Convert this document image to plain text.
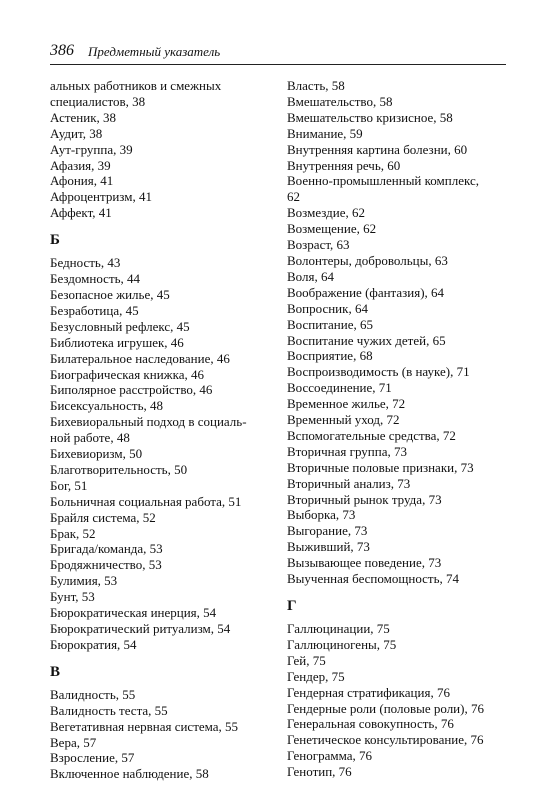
386 Предметный указатель
альных работников и смежных
специалистов, 38
Астеник, 38
Аудит, 38
Аут-группа, 39
Афазия, 39
Афония, 41
Афроцентризм, 41
Аффект, 41
Б
Бедность, 43
Бездомность, 44
Безопасное жилье, 45
Безработица, 45
Безусловный рефлекс, 45
Библиотека игрушек, 46
Билатеральное наследование, 46
Биографическая книжка, 46
Биполярное расстройство, 46
Бисексуальность, 48
Бихевиоральный подход в социаль-
ной работе, 48
Бихевиоризм, 50
Благотворительность, 50
Бог, 51
Больничная социальная работа, 51
Брайля система, 52
Брак, 52
Бригада/команда, 53
Бродяжничество, 53
Булимия, 53
Бунт, 53
Бюрократическая инерция, 54
Бюрократический ритуализм, 54
Бюрократия, 54
В
Валидность, 55
Валидность теста, 55
Вегетативная нервная система, 55
Вера, 57
Взросление, 57
Включенное наблюдение, 58
Власть, 58
Вмешательство, 58
Вмешательство кризисное, 58
Внимание, 59
Внутренняя картина болезни, 60
Внутренняя речь, 60
Военно-промышленный комплекс,
62
Возмездие, 62
Возмещение, 62
Возраст, 63
Волонтеры, добровольцы, 63
Воля, 64
Воображение (фантазия), 64
Вопросник, 64
Воспитание, 65
Воспитание чужих детей, 65
Восприятие, 68
Воспроизводимость (в науке), 71
Воссоединение, 71
Временное жилье, 72
Временный уход, 72
Вспомогательные средства, 72
Вторичная группа, 73
Вторичные половые признаки, 73
Вторичный анализ, 73
Вторичный рынок труда, 73
Выборка, 73
Выгорание, 73
Выживший, 73
Вызывающее поведение, 73
Выученная беспомощность, 74
Г
Галлюцинации, 75
Галлюциногены, 75
Гей, 75
Гендер, 75
Гендерная стратификация, 76
Гендерные роли (половые роли), 76
Генеральная совокупность, 76
Генетическое консультирование, 76
Генограмма, 76
Генотип, 76
